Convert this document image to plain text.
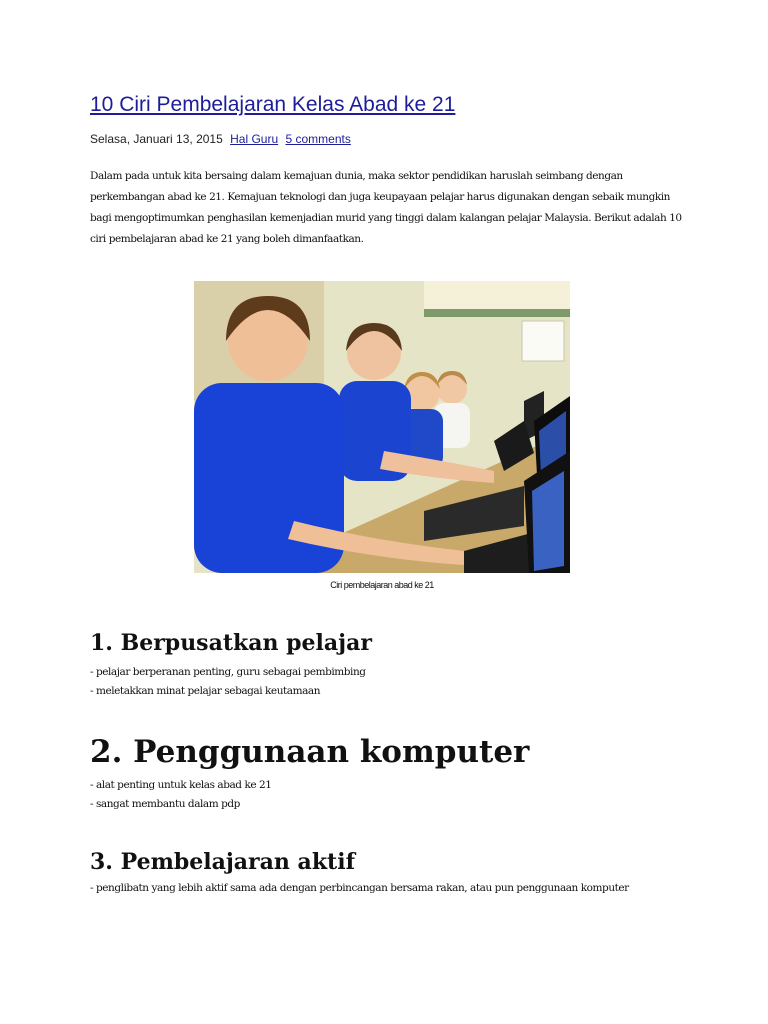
10 Ciri Pembelajaran Kelas Abad ke 21
Selasa, Januari 13, 2015 Hal Guru 5 comments

Dalam pada untuk kita bersaing dalam kemajuan dunia, maka sektor pendidikan haruslah seimbang dengan perkembangan abad ke 21. Kemajuan teknologi dan juga keupayaan pelajar harus digunakan dengan sebaik mungkin bagi mengoptimumkan penghasilan kemenjadian murid yang tinggi dalam kalangan pelajar Malaysia. Berikut adalah 10 ciri pembelajaran abad ke 21 yang boleh dimanfaatkan.

Ciri pembelajaran abad ke 21
1. Berpusatkan pelajar
- pelajar berperanan penting, guru sebagai pembimbing
- meletakkan minat pelajar sebagai keutamaan
2. Penggunaan komputer
- alat penting untuk kelas abad ke 21
- sangat membantu dalam pdp
3. Pembelajaran aktif
- penglibatn yang lebih aktif sama ada dengan perbincangan bersama rakan, atau pun penggunaan komputer
